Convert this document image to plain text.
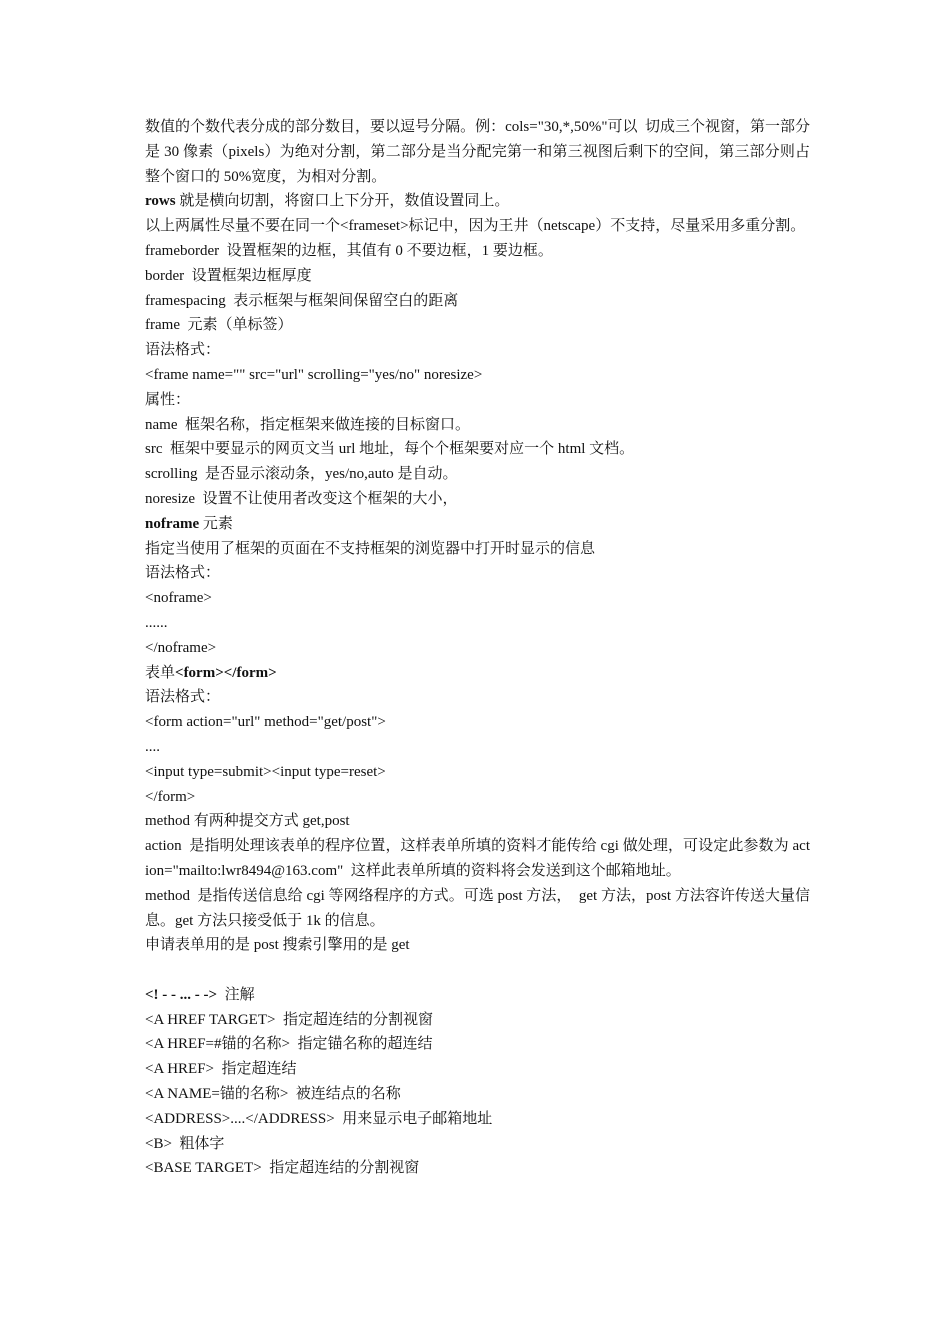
数值的个数代表分成的部分数目，要以逗号分隔。例：cols="30,*,50%"可以  切成三个视窗，第一部分是 30 像素（pixels）为绝对分割，第二部分是当分配完第一和第三视图后剩下的空间，第三部分则占整个窗口的 50%宽度，为相对分割。
rows 就是横向切割，将窗口上下分开，数值设置同上。
以上两属性尽量不要在同一个<frameset>标记中，因为王井（netscape）不支持，尽量采用多重分割。
frameborder  设置框架的边框，其值有 0 不要边框，1 要边框。
border  设置框架边框厚度
framespacing  表示框架与框架间保留空白的距离
frame  元素（单标签）
语法格式：
<frame name="" src="url" scrolling="yes/no" noresize>
属性：
name  框架名称，指定框架来做连接的目标窗口。
src  框架中要显示的网页文当 url 地址，每个个框架要对应一个 html 文档。
scrolling  是否显示滚动条，yes/no,auto 是自动。
noresize  设置不让使用者改变这个框架的大小，
noframe 元素
指定当使用了框架的页面在不支持框架的浏览器中打开时显示的信息
语法格式：
<noframe>
......
</noframe>
表单<form></form>
语法格式：
<form action="url" method="get/post">
....
<input type=submit><input type=reset>
</form>
method 有两种提交方式 get,post
action  是指明处理该表单的程序位置，这样表单所填的资料才能传给 cgi 做处理，可设定此参数为 action="mailto:lwr8494@163.com"  这样此表单所填的资料将会发送到这个邮箱地址。
method  是指传送信息给 cgi 等网络程序的方式。可选 post 方法，  get 方法，post 方法容许传送大量信息。get 方法只接受低于 1k 的信息。
申请表单用的是 post 搜索引擎用的是 get
<! - - ... - ->  注解
<A HREF TARGET>  指定超连结的分割视窗
<A HREF=#锚的名称>  指定锚名称的超连结
<A HREF>  指定超连结
<A NAME=锚的名称>  被连结点的名称
<ADDRESS>....</ADDRESS>  用来显示电子邮箱地址
<B>  粗体字
<BASE TARGET>  指定超连结的分割视窗
